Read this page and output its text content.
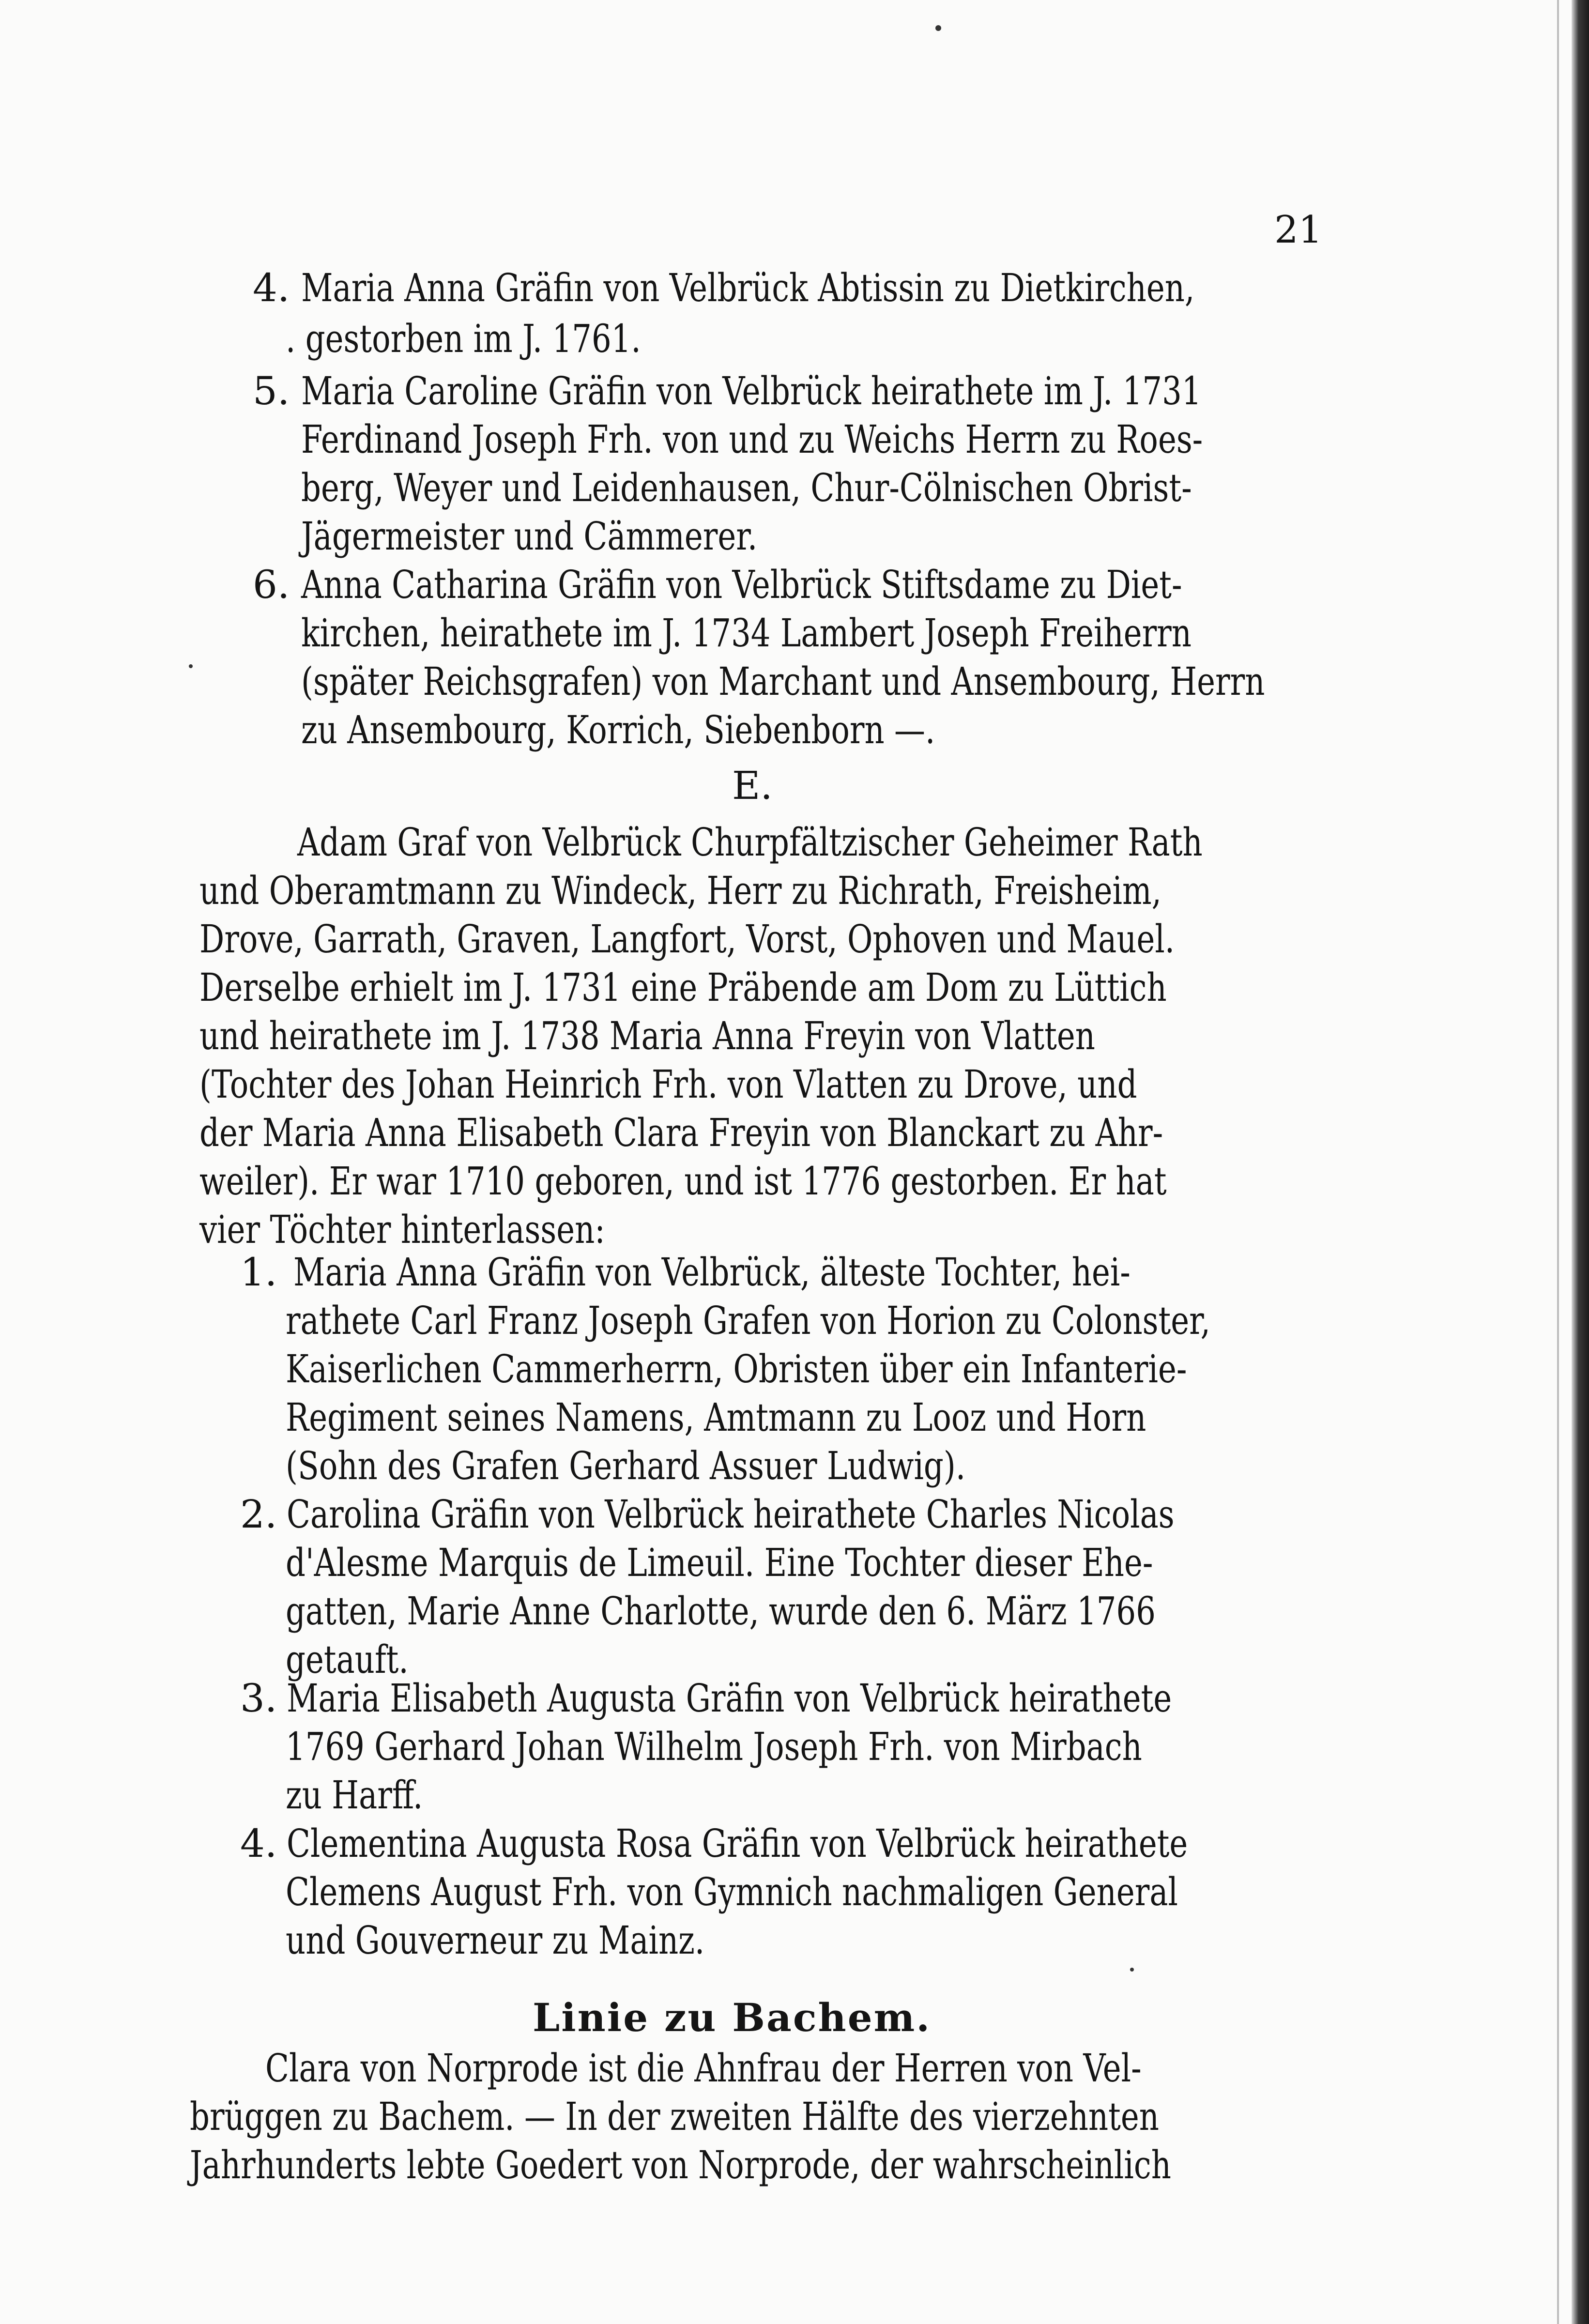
21
4. Maria Anna Gräfin von Velbrück Abtissin zu Dietkirchen,
. gestorben im J. 1761.
5. Maria Caroline Gräfin von Velbrück heirathete im J. 1731
Ferdinand Joseph Frh. von und zu Weichs Herrn zu Roes-
berg, Weyer und Leidenhausen, Chur-Cölnischen Obrist-
Jägermeister und Cämmerer.
6. Anna Catharina Gräfin von Velbrück Stiftsdame zu Diet-
kirchen, heirathete im J. 1734 Lambert Joseph Freiherrn
(später Reichsgrafen) von Marchant und Ansembourg, Herrn
zu Ansembourg, Korrich, Siebenborn —.
E.
Adam Graf von Velbrück Churpfältzischer Geheimer Rath
und Oberamtmann zu Windeck, Herr zu Richrath, Freisheim,
Drove, Garrath, Graven, Langfort, Vorst, Ophoven und Mauel.
Derselbe erhielt im J. 1731 eine Präbende am Dom zu Lüttich
und heirathete im J. 1738 Maria Anna Freyin von Vlatten
(Tochter des Johan Heinrich Frh. von Vlatten zu Drove, und
der Maria Anna Elisabeth Clara Freyin von Blanckart zu Ahr-
weiler). Er war 1710 geboren, und ist 1776 gestorben. Er hat
vier Töchter hinterlassen:
1. Maria Anna Gräfin von Velbrück, älteste Tochter, hei-
rathete Carl Franz Joseph Grafen von Horion zu Colonster,
Kaiserlichen Cammerherrn, Obristen über ein Infanterie-
Regiment seines Namens, Amtmann zu Looz und Horn
(Sohn des Grafen Gerhard Assuer Ludwig).
2. Carolina Gräfin von Velbrück heirathete Charles Nicolas
d'Alesme Marquis de Limeuil. Eine Tochter dieser Ehe-
gatten, Marie Anne Charlotte, wurde den 6. März 1766
getauft.
3. Maria Elisabeth Augusta Gräfin von Velbrück heirathete
1769 Gerhard Johan Wilhelm Joseph Frh. von Mirbach
zu Harff.
4. Clementina Augusta Rosa Gräfin von Velbrück heirathete
Clemens August Frh. von Gymnich nachmaligen General
und Gouverneur zu Mainz.
Linie zu Bachem.
Clara von Norprode ist die Ahnfrau der Herren von Vel-
brüggen zu Bachem. — In der zweiten Hälfte des vierzehnten
Jahrhunderts lebte Goedert von Norprode, der wahrscheinlich
